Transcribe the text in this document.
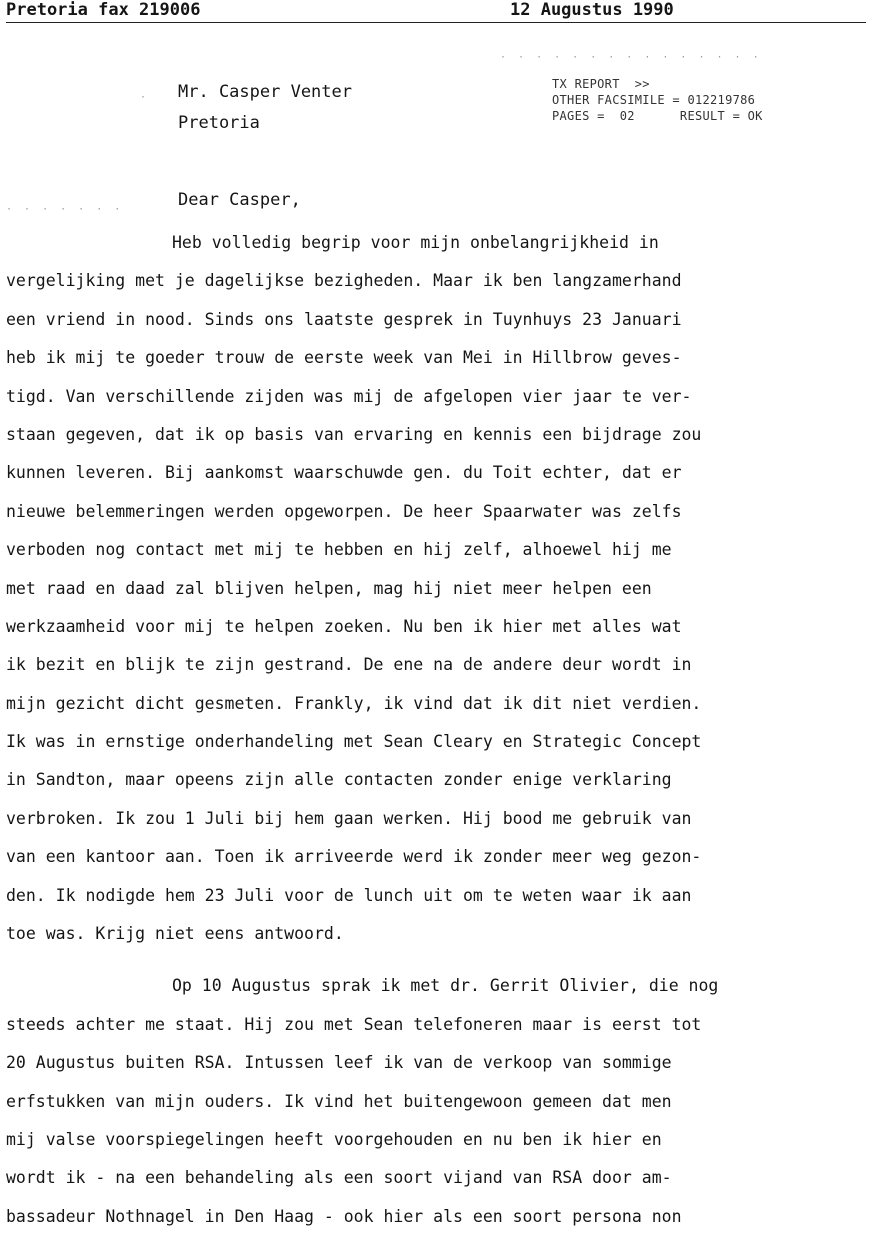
Pretoria fax 219006	12 Augustus 1990
Mr. Casper Venter
Pretoria
TX REPORT  >>
OTHER FACSIMILE = 012219786
PAGES =  02      RESULT = OK
·
· · · · · · ·
· · · · · · · · · · · · · · ·
Dear Casper,
Heb volledig begrip voor mijn onbelangrijkheid in
vergelijking met je dagelijkse bezigheden. Maar ik ben langzamerhand
een vriend in nood. Sinds ons laatste gesprek in Tuynhuys 23 Januari
heb ik mij te goeder trouw de eerste week van Mei in Hillbrow geves-
tigd. Van verschillende zijden was mij de afgelopen vier jaar te ver-
staan gegeven, dat ik op basis van ervaring en kennis een bijdrage zou
kunnen leveren. Bij aankomst waarschuwde gen. du Toit echter, dat er
nieuwe belemmeringen werden opgeworpen. De heer Spaarwater was zelfs
verboden nog contact met mij te hebben en hij zelf, alhoewel hij me
met raad en daad zal blijven helpen, mag hij niet meer helpen een
werkzaamheid voor mij te helpen zoeken. Nu ben ik hier met alles wat
ik bezit en blijk te zijn gestrand. De ene na de andere deur wordt in
mijn gezicht dicht gesmeten. Frankly, ik vind dat ik dit niet verdien.
Ik was in ernstige onderhandeling met Sean Cleary en Strategic Concept
in Sandton, maar opeens zijn alle contacten zonder enige verklaring
verbroken. Ik zou 1 Juli bij hem gaan werken. Hij bood me gebruik van
van een kantoor aan. Toen ik arriveerde werd ik zonder meer weg gezon-
den. Ik nodigde hem 23 Juli voor de lunch uit om te weten waar ik aan
toe was. Krijg niet eens antwoord.
Op 10 Augustus sprak ik met dr. Gerrit Olivier, die nog
steeds achter me staat. Hij zou met Sean telefoneren maar is eerst tot
20 Augustus buiten RSA. Intussen leef ik van de verkoop van sommige
erfstukken van mijn ouders. Ik vind het buitengewoon gemeen dat men
mij valse voorspiegelingen heeft voorgehouden en nu ben ik hier en
wordt ik - na een behandeling als een soort vijand van RSA door am-
bassadeur Nothnagel in Den Haag - ook hier als een soort persona non
